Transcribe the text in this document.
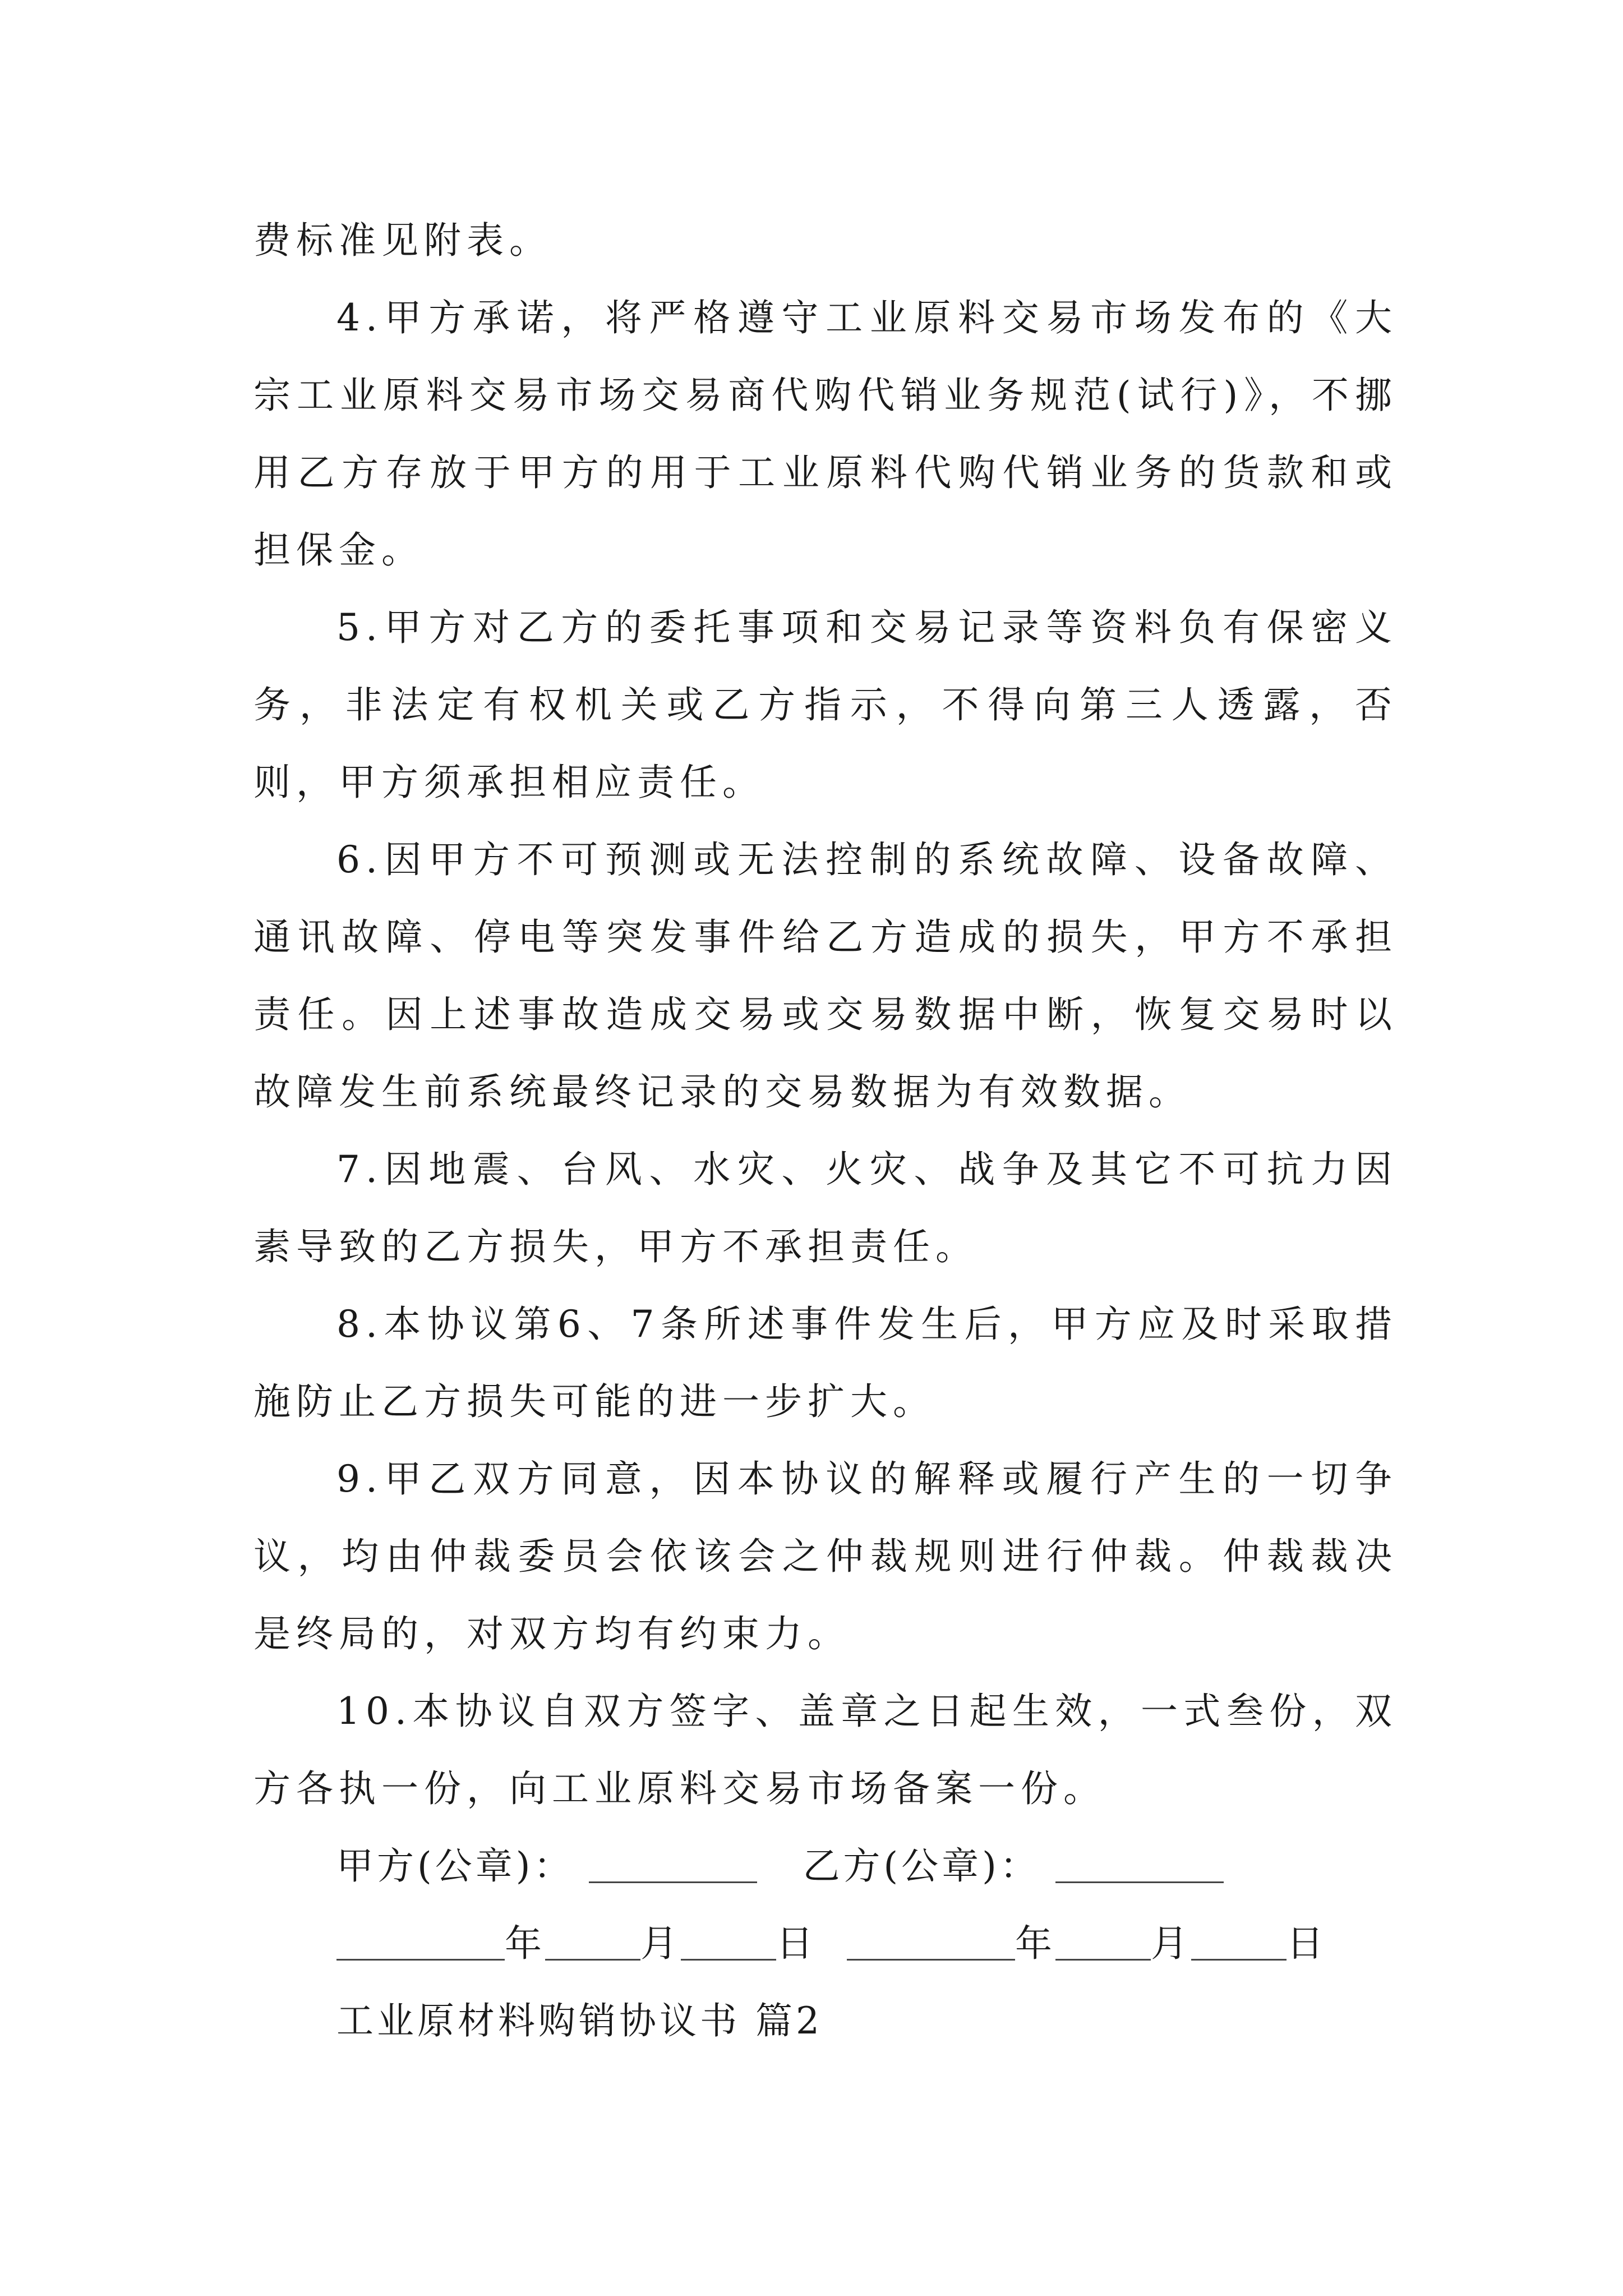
费标准见附表。

4.甲方承诺，将严格遵守工业原料交易市场发布的《大宗工业原料交易市场交易商代购代销业务规范(试行)》，不挪用乙方存放于甲方的用于工业原料代购代销业务的货款和或担保金。

5.甲方对乙方的委托事项和交易记录等资料负有保密义务，非法定有权机关或乙方指示，不得向第三人透露，否则，甲方须承担相应责任。

6.因甲方不可预测或无法控制的系统故障、设备故障、通讯故障、停电等突发事件给乙方造成的损失，甲方不承担责任。因上述事故造成交易或交易数据中断，恢复交易时以故障发生前系统最终记录的交易数据为有效数据。

7.因地震、台风、水灾、火灾、战争及其它不可抗力因素导致的乙方损失，甲方不承担责任。

8.本协议第6、7条所述事件发生后，甲方应及时采取措施防止乙方损失可能的进一步扩大。

9.甲乙双方同意，因本协议的解释或履行产生的一切争议，均由仲裁委员会依该会之仲裁规则进行仲裁。仲裁裁决是终局的，对双方均有约束力。

10.本协议自双方签字、盖章之日起生效，一式叁份，双方各执一份，向工业原料交易市场备案一份。

甲方(公章)：	乙方(公章)：

年	月	日	年	月	日

工业原材料购销协议书 篇2
